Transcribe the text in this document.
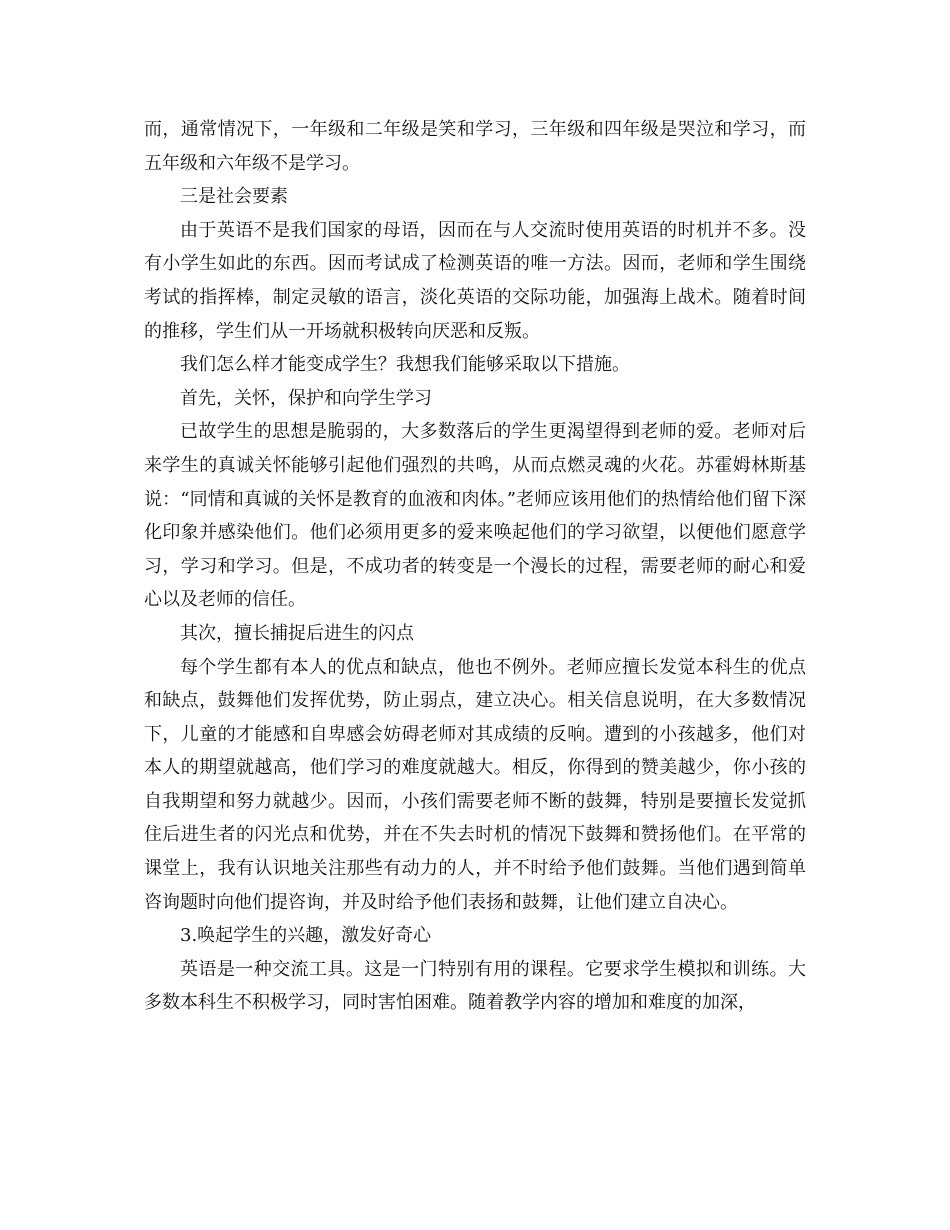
而，通常情况下，一年级和二年级是笑和学习，三年级和四年级是哭泣和学习，而五年级和六年级不是学习。

三是社会要素

由于英语不是我们国家的母语，因而在与人交流时使用英语的时机并不多。没有小学生如此的东西。因而考试成了检测英语的唯一方法。因而，老师和学生围绕考试的指挥棒，制定灵敏的语言，淡化英语的交际功能，加强海上战术。随着时间的推移，学生们从一开场就积极转向厌恶和反叛。

我们怎么样才能变成学生？我想我们能够采取以下措施。

首先，关怀，保护和向学生学习

已故学生的思想是脆弱的，大多数落后的学生更渴望得到老师的爱。老师对后来学生的真诚关怀能够引起他们强烈的共鸣，从而点燃灵魂的火花。苏霍姆林斯基说：“同情和真诚的关怀是教育的血液和肉体。”老师应该用他们的热情给他们留下深化印象并感染他们。他们必须用更多的爱来唤起他们的学习欲望，以便他们愿意学习，学习和学习。但是，不成功者的转变是一个漫长的过程，需要老师的耐心和爱心以及老师的信任。

其次，擅长捕捉后进生的闪点

每个学生都有本人的优点和缺点，他也不例外。老师应擅长发觉本科生的优点和缺点，鼓舞他们发挥优势，防止弱点，建立决心。相关信息说明，在大多数情况下，儿童的才能感和自卑感会妨碍老师对其成绩的反响。遭到的小孩越多，他们对本人的期望就越高，他们学习的难度就越大。相反，你得到的赞美越少，你小孩的自我期望和努力就越少。因而，小孩们需要老师不断的鼓舞，特别是要擅长发觉抓住后进生者的闪光点和优势，并在不失去时机的情况下鼓舞和赞扬他们。在平常的课堂上，我有认识地关注那些有动力的人，并不时给予他们鼓舞。当他们遇到简单咨询题时向他们提咨询，并及时给予他们表扬和鼓舞，让他们建立自决心。

3.唤起学生的兴趣，激发好奇心

英语是一种交流工具。这是一门特别有用的课程。它要求学生模拟和训练。大多数本科生不积极学习，同时害怕困难。随着教学内容的增加和难度的加深，
